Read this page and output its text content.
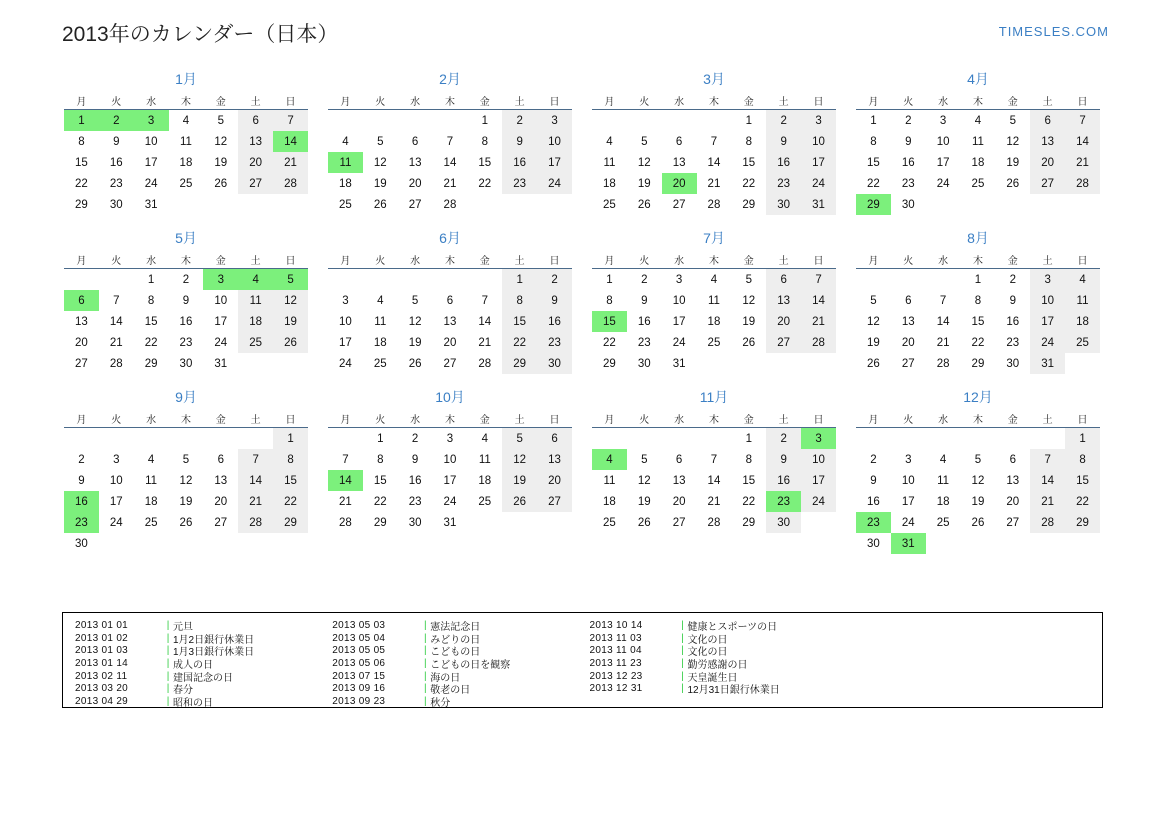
2013年のカレンダー（日本）	TIMESLES.COM
1月
月	火	水	木	金	土	日
1	2	3	4	5	6	7
8	9	10	11	12	13	14
15	16	17	18	19	20	21
22	23	24	25	26	27	28
29	30	31				
2月
月	火	水	木	金	土	日
				1	2	3
4	5	6	7	8	9	10
11	12	13	14	15	16	17
18	19	20	21	22	23	24
25	26	27	28			
3月
月	火	水	木	金	土	日
				1	2	3
4	5	6	7	8	9	10
11	12	13	14	15	16	17
18	19	20	21	22	23	24
25	26	27	28	29	30	31
4月
月	火	水	木	金	土	日
1	2	3	4	5	6	7
8	9	10	11	12	13	14
15	16	17	18	19	20	21
22	23	24	25	26	27	28
29	30					
5月
月	火	水	木	金	土	日
		1	2	3	4	5
6	7	8	9	10	11	12
13	14	15	16	17	18	19
20	21	22	23	24	25	26
27	28	29	30	31		
6月
月	火	水	木	金	土	日
					1	2
3	4	5	6	7	8	9
10	11	12	13	14	15	16
17	18	19	20	21	22	23
24	25	26	27	28	29	30
7月
月	火	水	木	金	土	日
1	2	3	4	5	6	7
8	9	10	11	12	13	14
15	16	17	18	19	20	21
22	23	24	25	26	27	28
29	30	31				
8月
月	火	水	木	金	土	日
			1	2	3	4
5	6	7	8	9	10	11
12	13	14	15	16	17	18
19	20	21	22	23	24	25
26	27	28	29	30	31	
9月
月	火	水	木	金	土	日
						1
2	3	4	5	6	7	8
9	10	11	12	13	14	15
16	17	18	19	20	21	22
23	24	25	26	27	28	29
30						
10月
月	火	水	木	金	土	日
	1	2	3	4	5	6
7	8	9	10	11	12	13
14	15	16	17	18	19	20
21	22	23	24	25	26	27
28	29	30	31			
11月
月	火	水	木	金	土	日
				1	2	3
4	5	6	7	8	9	10
11	12	13	14	15	16	17
18	19	20	21	22	23	24
25	26	27	28	29	30	
12月
月	火	水	木	金	土	日
						1
2	3	4	5	6	7	8
9	10	11	12	13	14	15
16	17	18	19	20	21	22
23	24	25	26	27	28	29
30	31					
2013 01 01	| 元旦
2013 01 02	| 1月2日銀行休業日
2013 01 03	| 1月3日銀行休業日
2013 01 14	| 成人の日
2013 02 11	| 建国記念の日
2013 03 20	| 春分
2013 04 29	| 昭和の日
2013 05 03	| 憲法記念日
2013 05 04	| みどりの日
2013 05 05	| こどもの日
2013 05 06	| こどもの日を観察
2013 07 15	| 海の日
2013 09 16	| 敬老の日
2013 09 23	| 秋分
2013 10 14	| 健康とスポーツの日
2013 11 03	| 文化の日
2013 11 04	| 文化の日
2013 11 23	| 勤労感謝の日
2013 12 23	| 天皇誕生日
2013 12 31	| 12月31日銀行休業日
